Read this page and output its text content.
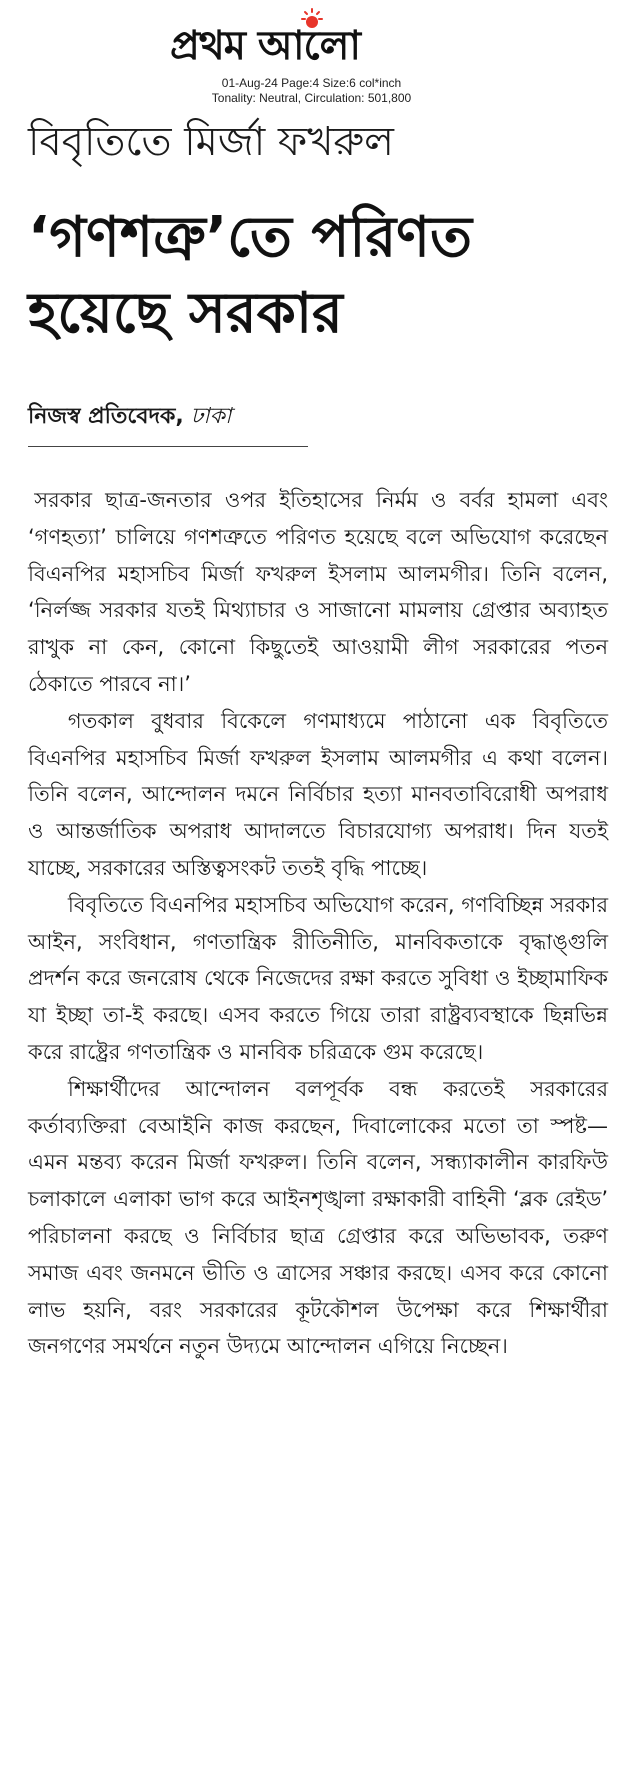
প্রথম আলো
01-Aug-24 Page:4 Size:6 col*inch
Tonality: Neutral, Circulation: 501,800
বিবৃতিতে মির্জা ফখরুল
‘গণশত্রু’তে পরিণত হয়েছে সরকার
নিজস্ব প্রতিবেদক, ঢাকা

সরকার ছাত্র-জনতার ওপর ইতিহাসের নির্মম ও বর্বর হামলা এবং ‘গণহত্যা’ চালিয়ে গণশত্রুতে পরিণত হয়েছে বলে অভিযোগ করেছেন বিএনপির মহাসচিব মির্জা ফখরুল ইসলাম আলমগীর। তিনি বলেন, ‘নির্লজ্জ সরকার যতই মিথ্যাচার ও সাজানো মামলায় গ্রেপ্তার অব্যাহত রাখুক না কেন, কোনো কিছুতেই আওয়ামী লীগ সরকারের পতন ঠেকাতে পারবে না।’

গতকাল বুধবার বিকেলে গণমাধ্যমে পাঠানো এক বিবৃতিতে বিএনপির মহাসচিব মির্জা ফখরুল ইসলাম আলমগীর এ কথা বলেন। তিনি বলেন, আন্দোলন দমনে নির্বিচার হত্যা মানবতাবিরোধী অপরাধ ও আন্তর্জাতিক অপরাধ আদালতে বিচারযোগ্য অপরাধ। দিন যতই যাচ্ছে, সরকারের অস্তিত্বসংকট ততই বৃদ্ধি পাচ্ছে।

বিবৃতিতে বিএনপির মহাসচিব অভিযোগ করেন, গণবিচ্ছিন্ন সরকার আইন, সংবিধান, গণতান্ত্রিক রীতিনীতি, মানবিকতাকে বৃদ্ধাঙ্গুলি প্রদর্শন করে জনরোষ থেকে নিজেদের রক্ষা করতে সুবিধা ও ইচ্ছামাফিক যা ইচ্ছা তা-ই করছে। এসব করতে গিয়ে তারা রাষ্ট্রব্যবস্থাকে ছিন্নভিন্ন করে রাষ্ট্রের গণতান্ত্রিক ও মানবিক চরিত্রকে গুম করেছে।

শিক্ষার্থীদের আন্দোলন বলপূর্বক বন্ধ করতেই সরকারের কর্তাব্যক্তিরা বেআইনি কাজ করছেন, দিবালোকের মতো তা স্পষ্ট—এমন মন্তব্য করেন মির্জা ফখরুল। তিনি বলেন, সন্ধ্যাকালীন কারফিউ চলাকালে এলাকা ভাগ করে আইনশৃঙ্খলা রক্ষাকারী বাহিনী ‘ব্লক রেইড’ পরিচালনা করছে ও নির্বিচার ছাত্র গ্রেপ্তার করে অভিভাবক, তরুণ সমাজ এবং জনমনে ভীতি ও ত্রাসের সঞ্চার করছে। এসব করে কোনো লাভ হয়নি, বরং সরকারের কূটকৌশল উপেক্ষা করে শিক্ষার্থীরা জনগণের সমর্থনে নতুন উদ্যমে আন্দোলন এগিয়ে নিচ্ছেন।
